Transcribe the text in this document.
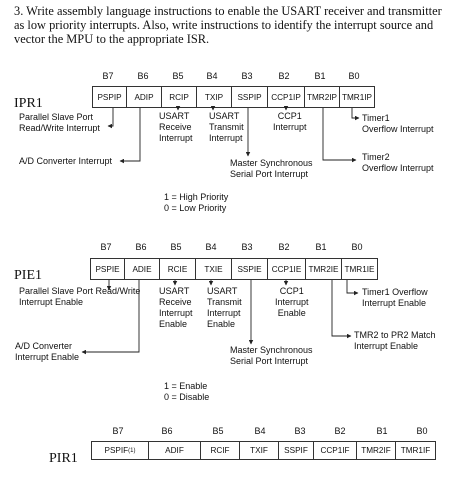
3. Write assembly language instructions to enable the USART receiver and transmitter as low priority interrupts. Also, write instructions to identify the interrupt source and vector the MPU to the appropriate ISR.
IPR1
B7	B6	B5	B4	B3	B2	B1	B0
PSPIP	ADIP	RCIP	TXIP	SSPIP	CCP1IP TMR2IP TMR1IP
Parallel Slave Port
Read/Write Interrupt
A/D Converter Interrupt
USART
Receive
Interrupt
USART
Transmit
Interrupt
Master Synchronous
Serial Port Interrupt
CCP1
Interrupt
Timer1
Overflow Interrupt
Timer2
Overflow Interrupt
1 = High Priority
0 = Low Priority
PIE1
B7	B6	B5	B4	B3	B2	B1	B0
PSPIE	ADIE	RCIE	TXIE	SSPIE	CCP1IE TMR2IE TMR1IE
Parallel Slave Port Read/Write
Interrupt Enable
A/D Converter
Interrupt Enable
USART
Receive
Interrupt
Enable
USART
Transmit
Interrupt
Enable
Master Synchronous
Serial Port Interrupt
CCP1
Interrupt
Enable
Timer1 Overflow
Interrupt Enable
TMR2 to PR2 Match
Interrupt Enable
1 = Enable
0 = Disable
PIR1
B7	B6	B5	B4	B3	B2	B1	B0
PSPIF (1)	ADIF	RCIF	TXIF	SSPIF	CCP1IF	TMR2IF	TMR1IF
